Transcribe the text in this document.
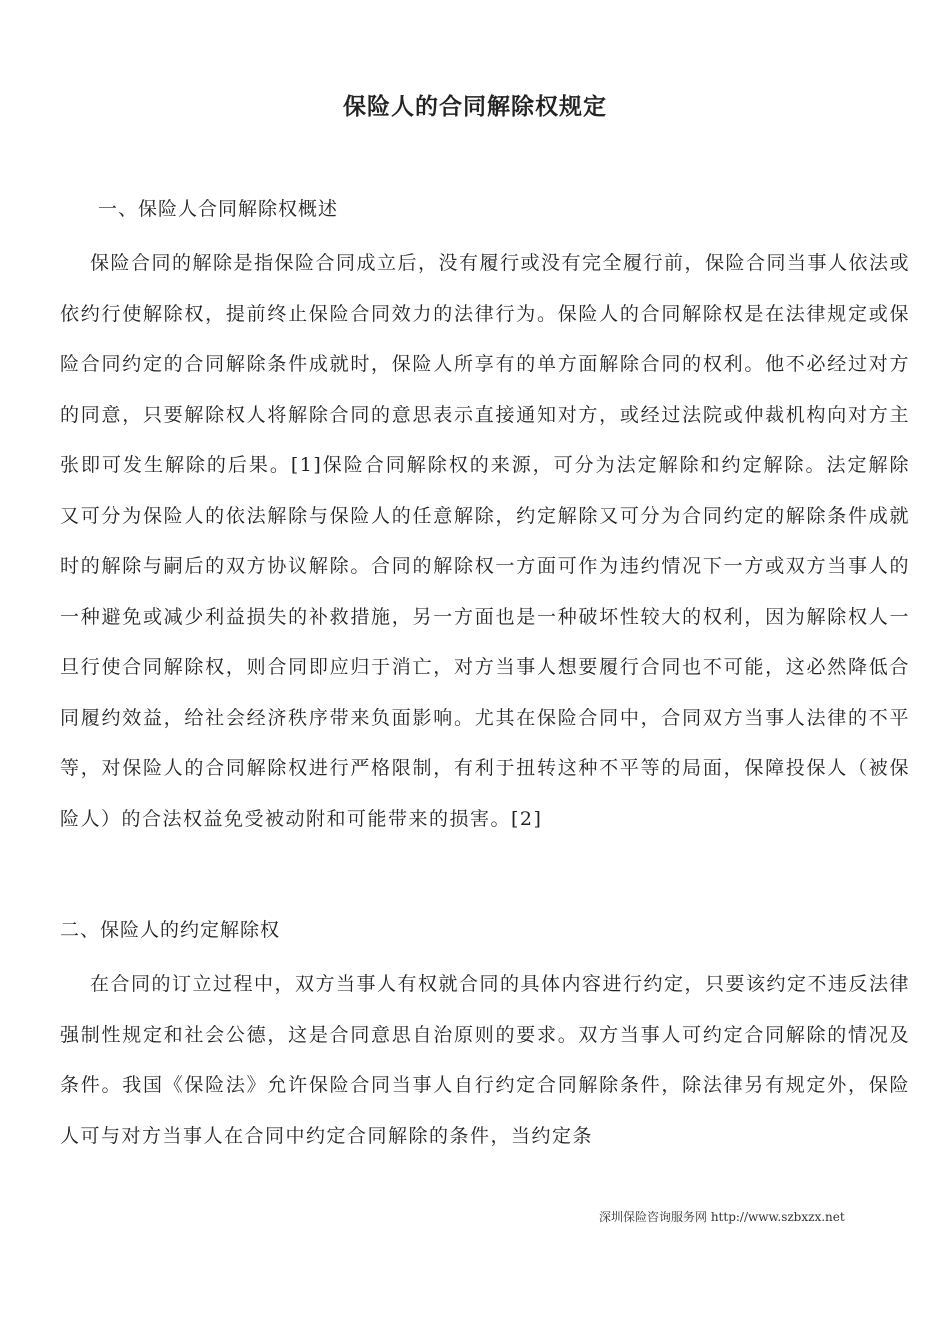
保险人的合同解除权规定

一、保险人合同解除权概述

保险合同的解除是指保险合同成立后，没有履行或没有完全履行前，保险合同当事人依法或依约行使解除权，提前终止保险合同效力的法律行为。保险人的合同解除权是在法律规定或保险合同约定的合同解除条件成就时，保险人所享有的单方面解除合同的权利。他不必经过对方的同意，只要解除权人将解除合同的意思表示直接通知对方，或经过法院或仲裁机构向对方主张即可发生解除的后果。[1]保险合同解除权的来源，可分为法定解除和约定解除。法定解除又可分为保险人的依法解除与保险人的任意解除，约定解除又可分为合同约定的解除条件成就时的解除与嗣后的双方协议解除。合同的解除权一方面可作为违约情况下一方或双方当事人的一种避免或减少利益损失的补救措施，另一方面也是一种破坏性较大的权利，因为解除权人一旦行使合同解除权，则合同即应归于消亡，对方当事人想要履行合同也不可能，这必然降低合同履约效益，给社会经济秩序带来负面影响。尤其在保险合同中，合同双方当事人法律的不平等，对保险人的合同解除权进行严格限制，有利于扭转这种不平等的局面，保障投保人（被保险人）的合法权益免受被动附和可能带来的损害。[2]

二、保险人的约定解除权

在合同的订立过程中，双方当事人有权就合同的具体内容进行约定，只要该约定不违反法律强制性规定和社会公德，这是合同意思自治原则的要求。双方当事人可约定合同解除的情况及条件。我国《保险法》允许保险合同当事人自行约定合同解除条件，除法律另有规定外，保险人可与对方当事人在合同中约定合同解除的条件，当约定条

深圳保险咨询服务网 http://www.szbxzx.net
